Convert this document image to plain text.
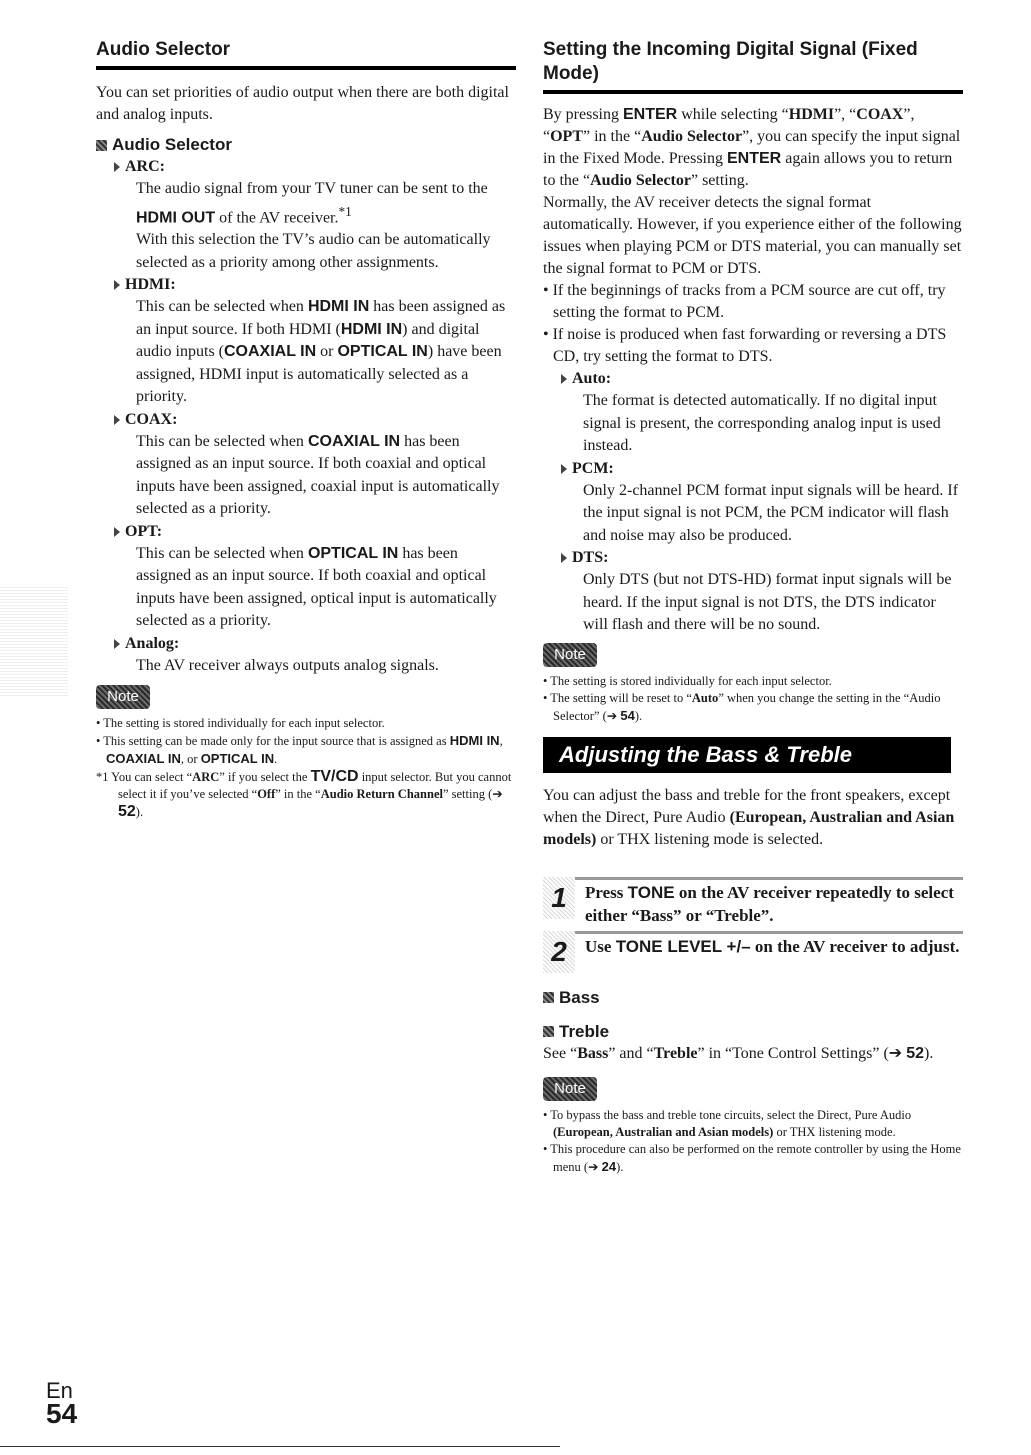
Audio Selector

You can set priorities of audio output when there are both digital and analog inputs.

Audio Selector

ARC:

The audio signal from your TV tuner can be sent to the HDMI OUT of the AV receiver.$^{*1}$
With this selection the TV’s audio can be automatically selected as a priority among other assignments.

HDMI:

This can be selected when HDMI IN has been assigned as an input source. If both HDMI (HDMI IN) and digital audio inputs (COAXIAL IN or OPTICAL IN) have been assigned, HDMI input is automatically selected as a priority.

COAX:

This can be selected when COAXIAL IN has been assigned as an input source. If both coaxial and optical inputs have been assigned, coaxial input is automatically selected as a priority.

OPT:

This can be selected when OPTICAL IN has been assigned as an input source. If both coaxial and optical inputs have been assigned, optical input is automatically selected as a priority.

Analog:

The AV receiver always outputs analog signals.

Note

• The setting is stored individually for each input selector.

• This setting can be made only for the input source that is assigned as HDMI IN, COAXIAL IN, or OPTICAL IN.

*1 You can select “ARC” if you select the TV/CD input selector. But you cannot select it if you’ve selected “Off” in the “Audio Return Channel” setting (➔ 52).
Setting the Incoming Digital Signal (Fixed Mode)

By pressing ENTER while selecting “HDMI”, “COAX”, “OPT” in the “Audio Selector”, you can specify the input signal in the Fixed Mode. Pressing ENTER again allows you to return to the “Audio Selector” setting.

Normally, the AV receiver detects the signal format automatically. However, if you experience either of the following issues when playing PCM or DTS material, you can manually set the signal format to PCM or DTS.

• If the beginnings of tracks from a PCM source are cut off, try setting the format to PCM.

• If noise is produced when fast forwarding or reversing a DTS CD, try setting the format to DTS.

Auto:

The format is detected automatically. If no digital input signal is present, the corresponding analog input is used instead.

PCM:

Only 2-channel PCM format input signals will be heard. If the input signal is not PCM, the PCM indicator will flash and noise may also be produced.

DTS:

Only DTS (but not DTS-HD) format input signals will be heard. If the input signal is not DTS, the DTS indicator will flash and there will be no sound.

Note

• The setting is stored individually for each input selector.

• The setting will be reset to “Auto” when you change the setting in the “Audio Selector” (➔ 54).

Adjusting the Bass & Treble

You can adjust the bass and treble for the front speakers, except when the Direct, Pure Audio (European, Australian and Asian models) or THX listening mode is selected.

1	Press TONE on the AV receiver repeatedly to select either “Bass” or “Treble”.
2	Use TONE LEVEL +/– on the AV receiver to adjust.

Bass

Treble

See “Bass” and “Treble” in “Tone Control Settings” (➔ 52).

Note

• To bypass the bass and treble tone circuits, select the Direct, Pure Audio (European, Australian and Asian models) or THX listening mode.

• This procedure can also be performed on the remote controller by using the Home menu (➔ 24).

En
54
